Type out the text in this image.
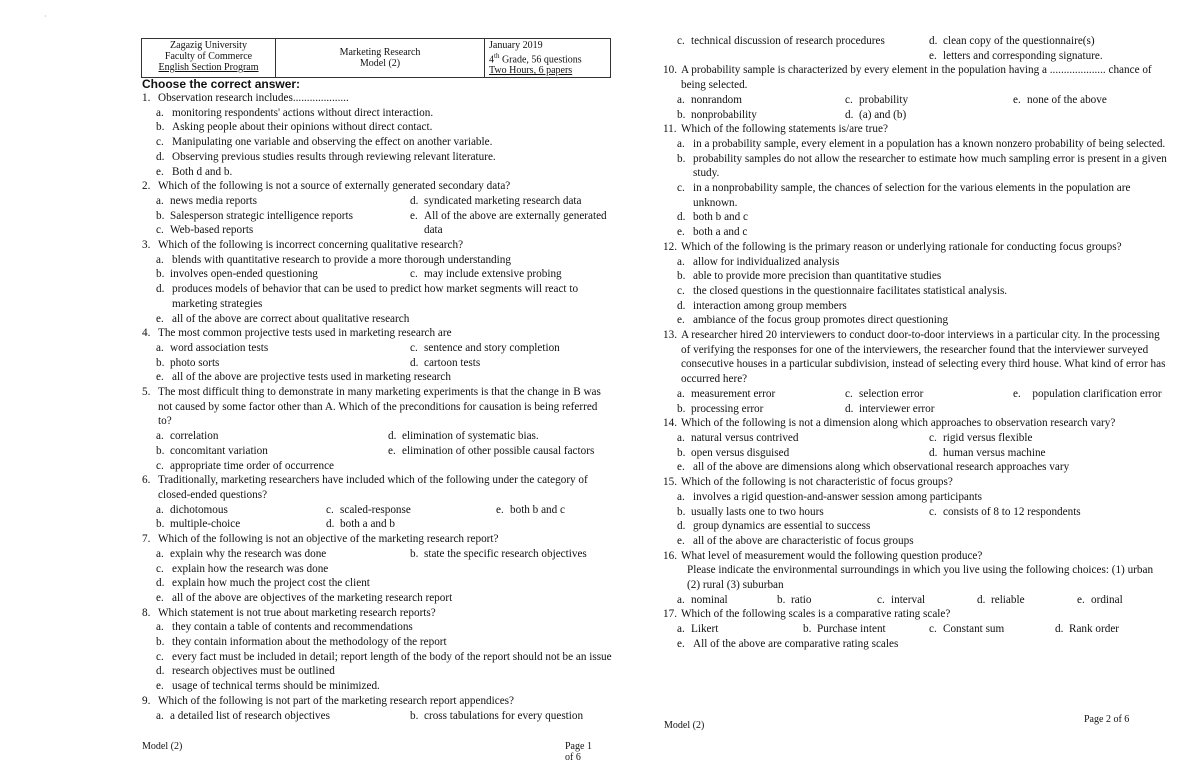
·
Zagazig University
Faculty of Commerce
English Section Program

Marketing Research
Model (2)

January 2019
4th Grade, 56 questions
Two Hours, 6 papers
Choose the correct answer:
1. Observation research includes....................
a. monitoring respondents' actions without direct interaction.
b. Asking people about their opinions without direct contact.
c. Manipulating one variable and observing the effect on another variable.
d. Observing previous studies results through reviewing relevant literature.
e. Both d and b.
2. Which of the following is not a source of externally generated secondary data?
a. news media reports
b. Salesperson strategic intelligence reports
c. Web-based reports
d. syndicated marketing research data
e. All of the above are externally generated data
3. Which of the following is incorrect concerning qualitative research?
a. blends with quantitative research to provide a more thorough understanding
b. involves open-ended questioning	c. may include extensive probing
d. produces models of behavior that can be used to predict how market segments will react to marketing strategies
e. all of the above are correct about qualitative research
4. The most common projective tests used in marketing research are
a. word association tests	c. sentence and story completion
b. photo sorts	d. cartoon tests
e. all of the above are projective tests used in marketing research
5. The most difficult thing to demonstrate in many marketing experiments is that the change in B was not caused by some factor other than A. Which of the preconditions for causation is being referred to?
a. correlation
b. concomitant variation
c. appropriate time order of occurrence
d. elimination of systematic bias.
e. elimination of other possible causal factors
6. Traditionally, marketing researchers have included which of the following under the category of closed-ended questions?
a. dichotomous	c. scaled-response	e. both b and c
b. multiple-choice	d. both a and b
7. Which of the following is not an objective of the marketing research report?
a. explain why the research was done	b. state the specific research objectives
c. explain how the research was done
d. explain how much the project cost the client
e. all of the above are objectives of the marketing research report
8. Which statement is not true about marketing research reports?
a. they contain a table of contents and recommendations
b. they contain information about the methodology of the report
c. every fact must be included in detail; report length of the body of the report should not be an issue
d. research objectives must be outlined
e. usage of technical terms should be minimized.
9. Which of the following is not part of the marketing research report appendices?
a. a detailed list of research objectives	b. cross tabulations for every question
Model (2)	Page 1 of 6
c. technical discussion of research procedures	d. clean copy of the questionnaire(s)
e. letters and corresponding signature.
10. A probability sample is characterized by every element in the population having a .................... chance of being selected.
a. nonrandom	c. probability	e. none of the above
b. nonprobability	d. (a) and (b)
11. Which of the following statements is/are true?
a. in a probability sample, every element in a population has a known nonzero probability of being selected.
b. probability samples do not allow the researcher to estimate how much sampling error is present in a given study.
c. in a nonprobability sample, the chances of selection for the various elements in the population are unknown.
d. both b and c
e. both a and c
12. Which of the following is the primary reason or underlying rationale for conducting focus groups?
a. allow for individualized analysis
b. able to provide more precision than quantitative studies
c. the closed questions in the questionnaire facilitates statistical analysis.
d. interaction among group members
e. ambiance of the focus group promotes direct questioning
13. A researcher hired 20 interviewers to conduct door-to-door interviews in a particular city. In the processing of verifying the responses for one of the interviewers, the researcher found that the interviewer surveyed consecutive houses in a particular subdivision, instead of selecting every third house. What kind of error has occurred here?
a. measurement error
b. processing error
c. selection error
d. interviewer error
e.	population clarification error
14. Which of the following is not a dimension along which approaches to observation research vary?
a. natural versus contrived	c. rigid versus flexible
b. open versus disguised	d. human versus machine
e. all of the above are dimensions along which observational research approaches vary
15. Which of the following is not characteristic of focus groups?
a. involves a rigid question-and-answer session among participants
b. usually lasts one to two hours	c. consists of 8 to 12 respondents
d. group dynamics are essential to success
e. all of the above are characteristic of focus groups
16. What level of measurement would the following question produce?
Please indicate the environmental surroundings in which you live using the following choices: (1) urban (2) rural (3) suburban
a. nominal	b. ratio	c. interval	d. reliable	e. ordinal
17. Which of the following scales is a comparative rating scale?
a. Likert	b. Purchase intent	c. Constant sum	d. Rank order
e. All of the above are comparative rating scales
Model (2)
Page 2 of 6
